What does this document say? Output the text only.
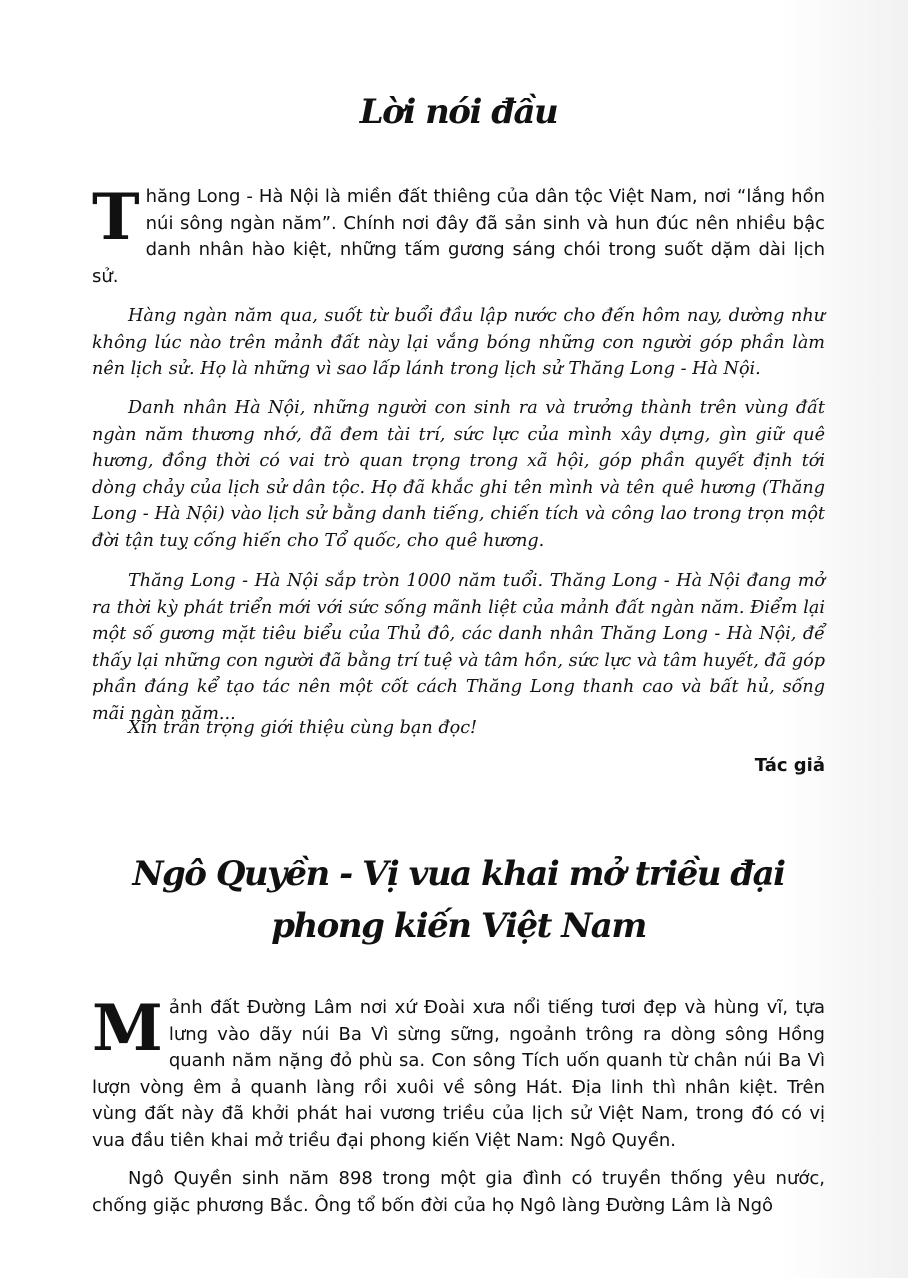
Lời nói đầu

Thăng Long - Hà Nội là miền đất thiêng của dân tộc Việt Nam, nơi “lắng hồn núi sông ngàn năm”. Chính nơi đây đã sản sinh và hun đúc nên nhiều bậc danh nhân hào kiệt, những tấm gương sáng chói trong suốt dặm dài lịch sử.

Hàng ngàn năm qua, suốt từ buổi đầu lập nước cho đến hôm nay, dường như không lúc nào trên mảnh đất này lại vắng bóng những con người góp phần làm nên lịch sử. Họ là những vì sao lấp lánh trong lịch sử Thăng Long - Hà Nội.

Danh nhân Hà Nội, những người con sinh ra và trưởng thành trên vùng đất ngàn năm thương nhớ, đã đem tài trí, sức lực của mình xây dựng, gìn giữ quê hương, đồng thời có vai trò quan trọng trong xã hội, góp phần quyết định tới dòng chảy của lịch sử dân tộc. Họ đã khắc ghi tên mình và tên quê hương (Thăng Long - Hà Nội) vào lịch sử bằng danh tiếng, chiến tích và công lao trong trọn một đời tận tuỵ cống hiến cho Tổ quốc, cho quê hương.

Thăng Long - Hà Nội sắp tròn 1000 năm tuổi. Thăng Long - Hà Nội đang mở ra thời kỳ phát triển mới với sức sống mãnh liệt của mảnh đất ngàn năm. Điểm lại một số gương mặt tiêu biểu của Thủ đô, các danh nhân Thăng Long - Hà Nội, để thấy lại những con người đã bằng trí tuệ và tâm hồn, sức lực và tâm huyết, đã góp phần đáng kể tạo tác nên một cốt cách Thăng Long thanh cao và bất hủ, sống mãi ngàn năm...

Xin trân trọng giới thiệu cùng bạn đọc!

Tác giả

Ngô Quyền - Vị vua khai mở triều đại phong kiến Việt Nam

Mảnh đất Đường Lâm nơi xứ Đoài xưa nổi tiếng tươi đẹp và hùng vĩ, tựa lưng vào dãy núi Ba Vì sừng sững, ngoảnh trông ra dòng sông Hồng quanh năm nặng đỏ phù sa. Con sông Tích uốn quanh từ chân núi Ba Vì lượn vòng êm ả quanh làng rồi xuôi về sông Hát. Địa linh thì nhân kiệt. Trên vùng đất này đã khởi phát hai vương triều của lịch sử Việt Nam, trong đó có vị vua đầu tiên khai mở triều đại phong kiến Việt Nam: Ngô Quyền.

Ngô Quyền sinh năm 898 trong một gia đình có truyền thống yêu nước, chống giặc phương Bắc. Ông tổ bốn đời của họ Ngô làng Đường Lâm là Ngô
